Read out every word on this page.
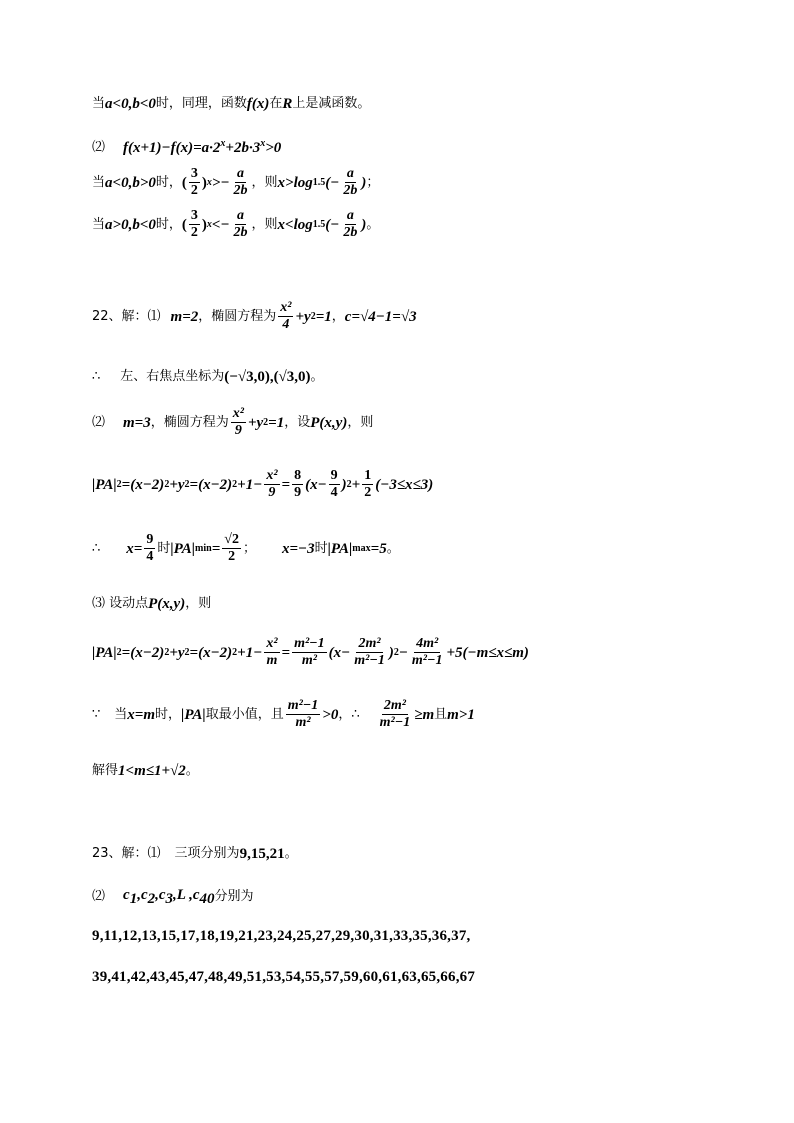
当 a<0,b<0 时，同理，函数 f(x) 在 R 上是减函数。
⑵ $f(x+1)-f(x)=a\cdot 2^x+2b\cdot 3^x>0$
当 a<0,b>0 时， ( $\frac{3}{2}$ ) $x >- \frac{a}{2b}$ ，则 x>log 1.5 (− $\frac{a}{2b}$ ) ；
当 a>0,b<0 时， ( $\frac{3}{2}$ ) $x <- \frac{a}{2b}$ ，则 x<log 1.5 (− $\frac{a}{2b}$ ) 。
22、解：⑴ m=2 ，椭圆方程为 $\frac{\text{x²}}{4} +y$ 2 =1 ， c=√4−1=√3
∴ 左、右焦点坐标为 (−√3,0),(√3,0) 。
⑵ m=3 ，椭圆方程为 $\frac{\text{x²}}{9} +y$ 2 =1 ，设 P(x,y) ，则
|PA| 2 =(x−2) 2 +y 2 =(x−2) $2 +1- \frac{\text{x²}}{9} = \frac{8}{9} (x- \frac{9}{4}$ ) $2 + \frac{1}{2} (-3\le x\le 3)$
∴ $x= \frac{9}{4}$ 时 |PA| $\min = \frac{√2}{2}$ ； x=−3 时 |PA| max =5 。
⑶ 设动点 P(x,y) ，则
|PA| 2 =(x−2) 2 +y 2 =(x−2) $2 +1- \frac{\text{x²}}{m} = \frac{\text{m²−1}}{\text{m²}} (x- \frac{\text{2m²}}{\text{m²−1}}$ ) $2 - \frac{\text{4m²}}{\text{m²−1}} +5(-m\le x\le m)$
∵ 当 x=m 时， |PA| 取最小值，且 $\frac{\text{m²−1}}{\text{m²}} >0$ ，∴ $\frac{\text{2m²}}{\text{m²−1}} \ge m$ 且 m>1
解得 1<m≤1+√2 。
23、解：⑴ 三项分别为 9,15,21 。
⑵ $c_1,c_2,c_3,L$ $,c_{40}$ 分别为
9,11,12,13,15,17,18,19,21,23,24,25,27,29,30,31,33,35,36,37,
39,41,42,43,45,47,48,49,51,53,54,55,57,59,60,61,63,65,66,67
